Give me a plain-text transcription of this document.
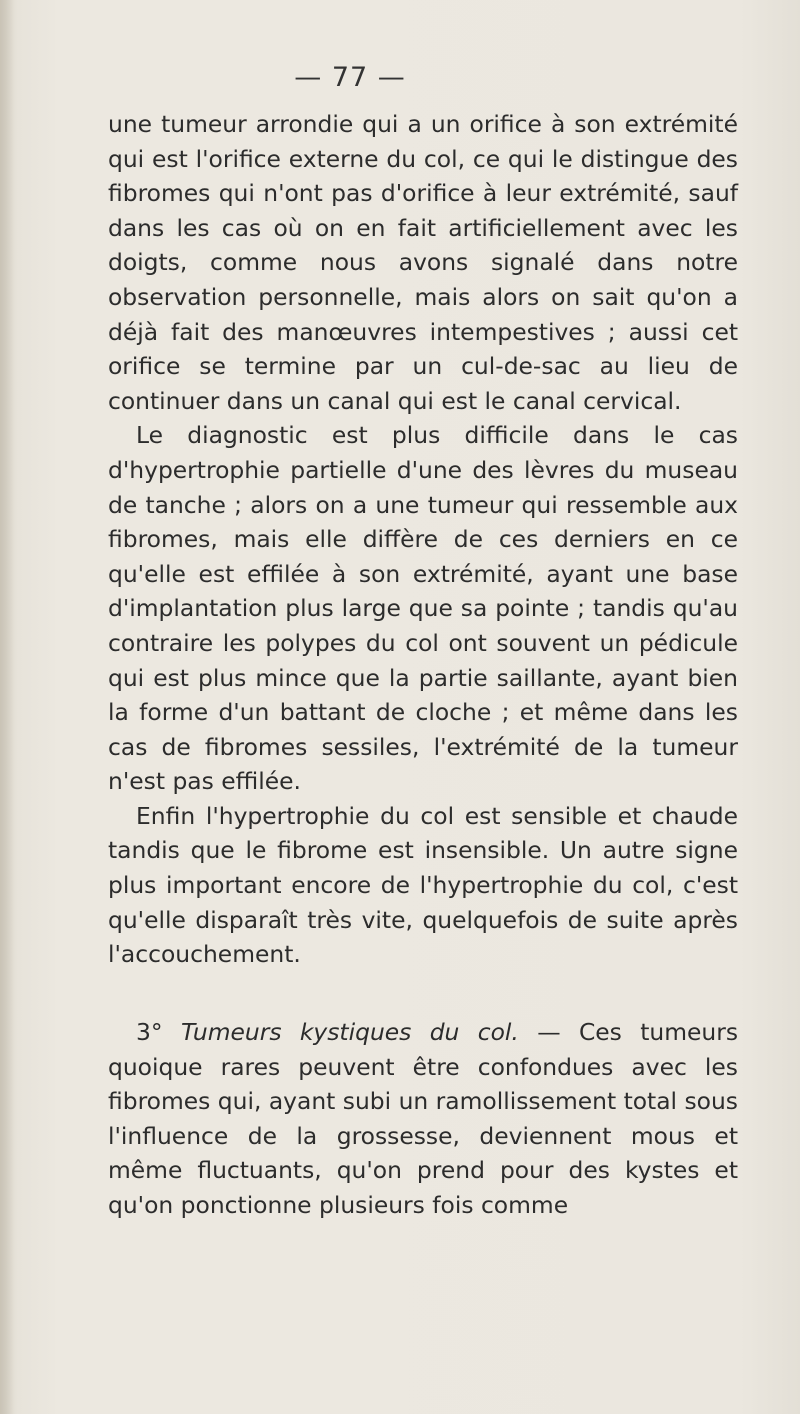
— 77 —

une tumeur arrondie qui a un orifice à son extrémité qui est l'orifice externe du col, ce qui le distingue des fibromes qui n'ont pas d'orifice à leur extrémité, sauf dans les cas où on en fait artificiellement avec les doigts, comme nous avons signalé dans notre observation personnelle, mais alors on sait qu'on a déjà fait des manœuvres intempestives ; aussi cet orifice se termine par un cul-de-sac au lieu de continuer dans un canal qui est le canal cervical.

Le diagnostic est plus difficile dans le cas d'hypertrophie partielle d'une des lèvres du museau de tanche ; alors on a une tumeur qui ressemble aux fibromes, mais elle diffère de ces derniers en ce qu'elle est effilée à son extrémité, ayant une base d'implantation plus large que sa pointe ; tandis qu'au contraire les polypes du col ont souvent un pédicule qui est plus mince que la partie saillante, ayant bien la forme d'un battant de cloche ; et même dans les cas de fibromes sessiles, l'extrémité de la tumeur n'est pas effilée.

Enfin l'hypertrophie du col est sensible et chaude tandis que le fibrome est insensible. Un autre signe plus important encore de l'hypertrophie du col, c'est qu'elle disparaît très vite, quelquefois de suite après l'accouchement.

3° Tumeurs kystiques du col. — Ces tumeurs quoique rares peuvent être confondues avec les fibromes qui, ayant subi un ramollissement total sous l'influence de la grossesse, deviennent mous et même fluctuants, qu'on prend pour des kystes et qu'on ponctionne plusieurs fois comme
